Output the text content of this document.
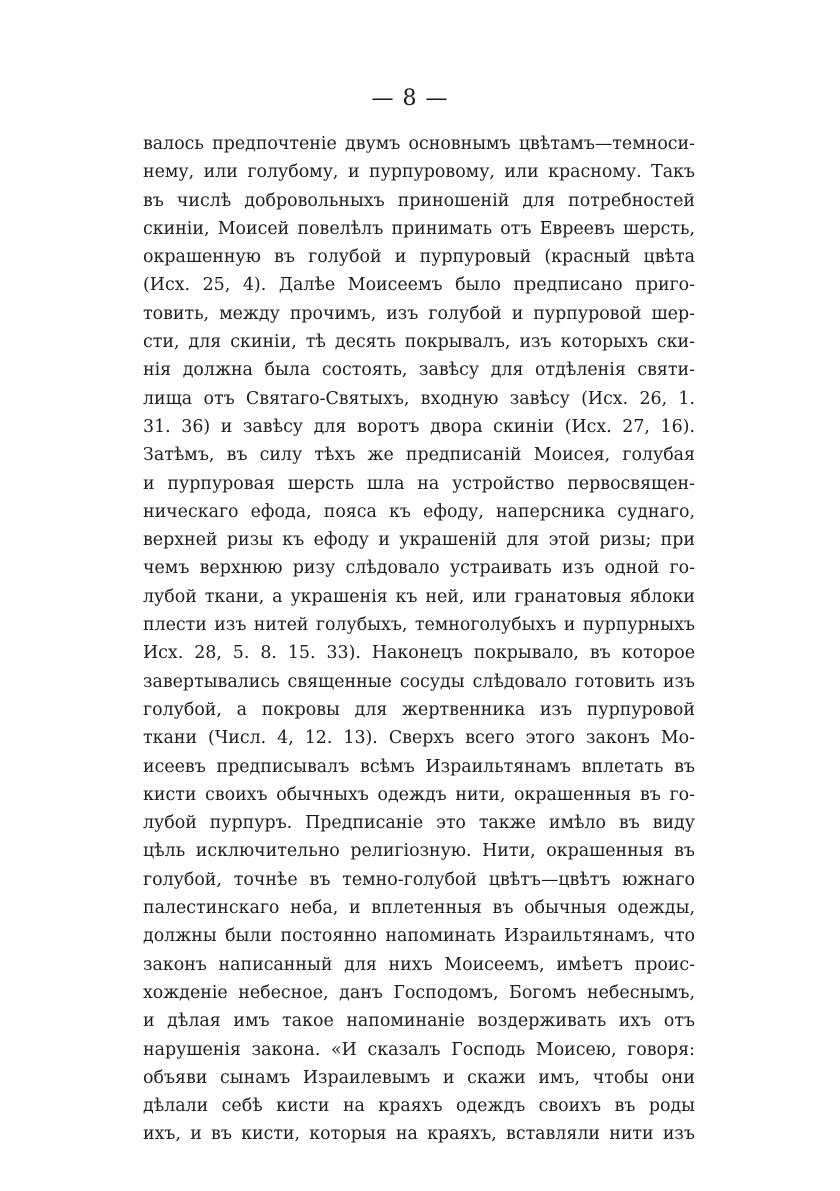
— 8 —
валось предпочтеніе двумъ основнымъ цвѣтамъ—темноси-
нему, или голубому, и пурпуровому, или красному. Такъ
въ числѣ добровольныхъ приношеній для потребностей
скиніи, Моисей повелѣлъ принимать отъ Евреевъ шерсть,
окрашенную въ голубой и пурпуровый (красный цвѣта
(Исх. 25, 4). Далѣе Моисеемъ было предписано приго-
товить, между прочимъ, изъ голубой и пурпуровой шер-
сти, для скиніи, тѣ десять покрывалъ, изъ которыхъ ски-
нія должна была состоять, завѣсу для отдѣленія святи-
лища отъ Святаго-Святыхъ, входную завѣсу (Исх. 26, 1.
31. 36) и завѣсу для воротъ двора скиніи (Исх. 27, 16).
Затѣмъ, въ силу тѣхъ же предписаній Моисея, голубая
и пурпуровая шерсть шла на устройство первосвящен-
ническаго ефода, пояса къ ефоду, наперсника суднаго,
верхней ризы къ ефоду и украшеній для этой ризы; при
чемъ верхнюю ризу слѣдовало устраивать изъ одной го-
лубой ткани, а украшенія къ ней, или гранатовыя яблоки
плести изъ нитей голубыхъ, темноголубыхъ и пурпурныхъ
Исх. 28, 5. 8. 15. 33). Наконецъ покрывало, въ которое
завертывались священные сосуды слѣдовало готовить изъ
голубой, а покровы для жертвенника изъ пурпуровой
ткани (Числ. 4, 12. 13). Сверхъ всего этого законъ Мо-
исеевъ предписывалъ всѣмъ Израильтянамъ вплетать въ
кисти своихъ обычныхъ одеждъ нити, окрашенныя въ го-
лубой пурпуръ. Предписаніе это также имѣло въ виду
цѣль исключительно религіозную. Нити, окрашенныя въ
голубой, точнѣе въ темно-голубой цвѣтъ—цвѣтъ южнаго
палестинскаго неба, и вплетенныя въ обычныя одежды,
должны были постоянно напоминать Израильтянамъ, что
законъ написанный для нихъ Моисеемъ, имѣетъ проис-
хожденіе небесное, данъ Господомъ, Богомъ небеснымъ,
и дѣлая имъ такое напоминаніе воздерживать ихъ отъ
нарушенія закона. «И сказалъ Господь Моисею, говоря:
объяви сынамъ Израилевымъ и скажи имъ, чтобы они
дѣлали себѣ кисти на краяхъ одеждъ своихъ въ роды
ихъ, и въ кисти, которыя на краяхъ, вставляли нити изъ
